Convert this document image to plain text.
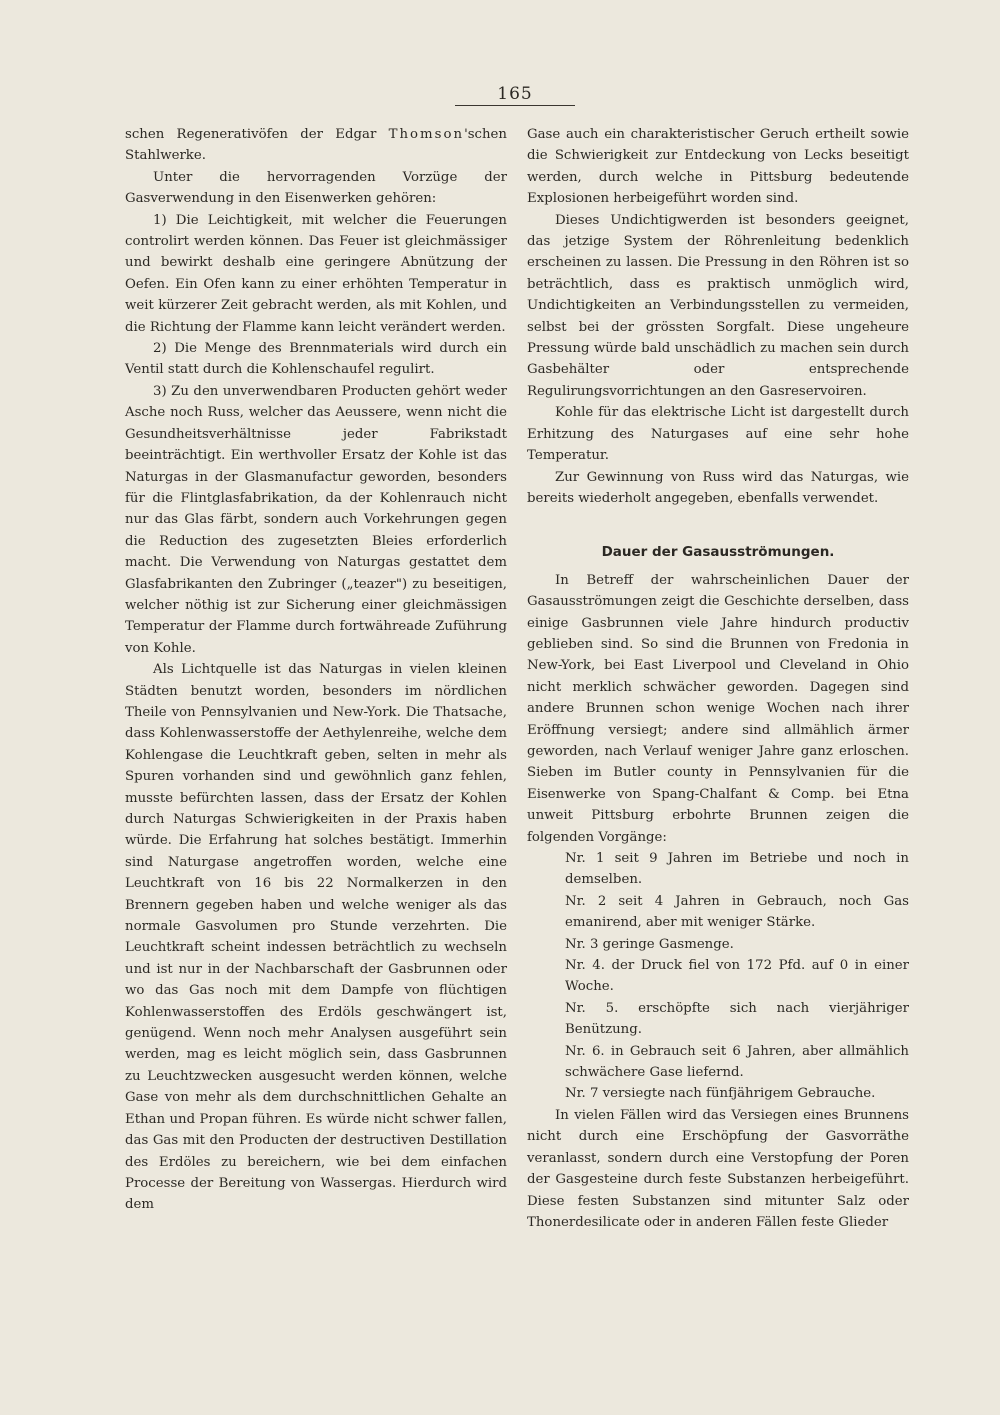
165

schen Regenerativöfen der Edgar Thomson'schen Stahlwerke.

Unter die hervorragenden Vorzüge der Gasverwendung in den Eisenwerken gehören:

1) Die Leichtigkeit, mit welcher die Feuerungen controlirt werden können. Das Feuer ist gleichmässiger und bewirkt deshalb eine geringere Abnützung der Oefen. Ein Ofen kann zu einer erhöhten Temperatur in weit kürzerer Zeit gebracht werden, als mit Kohlen, und die Richtung der Flamme kann leicht verändert werden.

2) Die Menge des Brennmaterials wird durch ein Ventil statt durch die Kohlenschaufel regulirt.

3) Zu den unverwendbaren Producten gehört weder Asche noch Russ, welcher das Aeussere, wenn nicht die Gesundheitsverhältnisse jeder Fabrikstadt beeinträchtigt. Ein werthvoller Ersatz der Kohle ist das Naturgas in der Glasmanufactur geworden, besonders für die Flintglasfabrikation, da der Kohlenrauch nicht nur das Glas färbt, sondern auch Vorkehrungen gegen die Reduction des zugesetzten Bleies erforderlich macht. Die Verwendung von Naturgas gestattet dem Glasfabrikanten den Zubringer („teazer") zu beseitigen, welcher nöthig ist zur Sicherung einer gleichmässigen Temperatur der Flamme durch fortwähreade Zuführung von Kohle.

Als Lichtquelle ist das Naturgas in vielen kleinen Städten benutzt worden, besonders im nördlichen Theile von Pennsylvanien und New-York. Die Thatsache, dass Kohlenwasserstoffe der Aethylenreihe, welche dem Kohlengase die Leuchtkraft geben, selten in mehr als Spuren vorhanden sind und gewöhnlich ganz fehlen, musste befürchten lassen, dass der Ersatz der Kohlen durch Naturgas Schwierigkeiten in der Praxis haben würde. Die Erfahrung hat solches bestätigt. Immerhin sind Naturgase angetroffen worden, welche eine Leuchtkraft von 16 bis 22 Normalkerzen in den Brennern gegeben haben und welche weniger als das normale Gasvolumen pro Stunde verzehrten. Die Leuchtkraft scheint indessen beträchtlich zu wechseln und ist nur in der Nachbarschaft der Gasbrunnen oder wo das Gas noch mit dem Dampfe von flüchtigen Kohlenwasserstoffen des Erdöls geschwängert ist, genügend. Wenn noch mehr Analysen ausgeführt sein werden, mag es leicht möglich sein, dass Gasbrunnen zu Leuchtzwecken ausgesucht werden können, welche Gase von mehr als dem durchschnittlichen Gehalte an Ethan und Propan führen. Es würde nicht schwer fallen, das Gas mit den Producten der destructiven Destillation des Erdöles zu bereichern, wie bei dem einfachen Processe der Bereitung von Wassergas. Hierdurch wird dem

Gase auch ein charakteristischer Geruch ertheilt sowie die Schwierigkeit zur Entdeckung von Lecks beseitigt werden, durch welche in Pittsburg bedeutende Explosionen herbeigeführt worden sind.

Dieses Undichtigwerden ist besonders geeignet, das jetzige System der Röhrenleitung bedenklich erscheinen zu lassen. Die Pressung in den Röhren ist so beträchtlich, dass es praktisch unmöglich wird, Undichtigkeiten an Verbindungsstellen zu vermeiden, selbst bei der grössten Sorgfalt. Diese ungeheure Pressung würde bald unschädlich zu machen sein durch Gasbehälter oder entsprechende Regulirungsvorrichtungen an den Gasreservoiren.

Kohle für das elektrische Licht ist dargestellt durch Erhitzung des Naturgases auf eine sehr hohe Temperatur.

Zur Gewinnung von Russ wird das Naturgas, wie bereits wiederholt angegeben, ebenfalls verwendet.

Dauer der Gasausströmungen.

In Betreff der wahrscheinlichen Dauer der Gasausströmungen zeigt die Geschichte derselben, dass einige Gasbrunnen viele Jahre hindurch productiv geblieben sind. So sind die Brunnen von Fredonia in New-York, bei East Liverpool und Cleveland in Ohio nicht merklich schwächer geworden. Dagegen sind andere Brunnen schon wenige Wochen nach ihrer Eröffnung versiegt; andere sind allmählich ärmer geworden, nach Verlauf weniger Jahre ganz erloschen. Sieben im Butler county in Pennsylvanien für die Eisenwerke von Spang-Chalfant & Comp. bei Etna unweit Pittsburg erbohrte Brunnen zeigen die folgenden Vorgänge:

Nr. 1 seit 9 Jahren im Betriebe und noch in demselben.

Nr. 2 seit 4 Jahren in Gebrauch, noch Gas emanirend, aber mit weniger Stärke.

Nr. 3 geringe Gasmenge.

Nr. 4. der Druck fiel von 172 Pfd. auf 0 in einer Woche.

Nr. 5. erschöpfte sich nach vierjähriger Benützung.

Nr. 6. in Gebrauch seit 6 Jahren, aber allmählich schwächere Gase liefernd.

Nr. 7 versiegte nach fünfjährigem Gebrauche.

In vielen Fällen wird das Versiegen eines Brunnens nicht durch eine Erschöpfung der Gasvorräthe veranlasst, sondern durch eine Verstopfung der Poren der Gasgesteine durch feste Substanzen herbeigeführt. Diese festen Substanzen sind mitunter Salz oder Thonerdesilicate oder in anderen Fällen feste Glieder
